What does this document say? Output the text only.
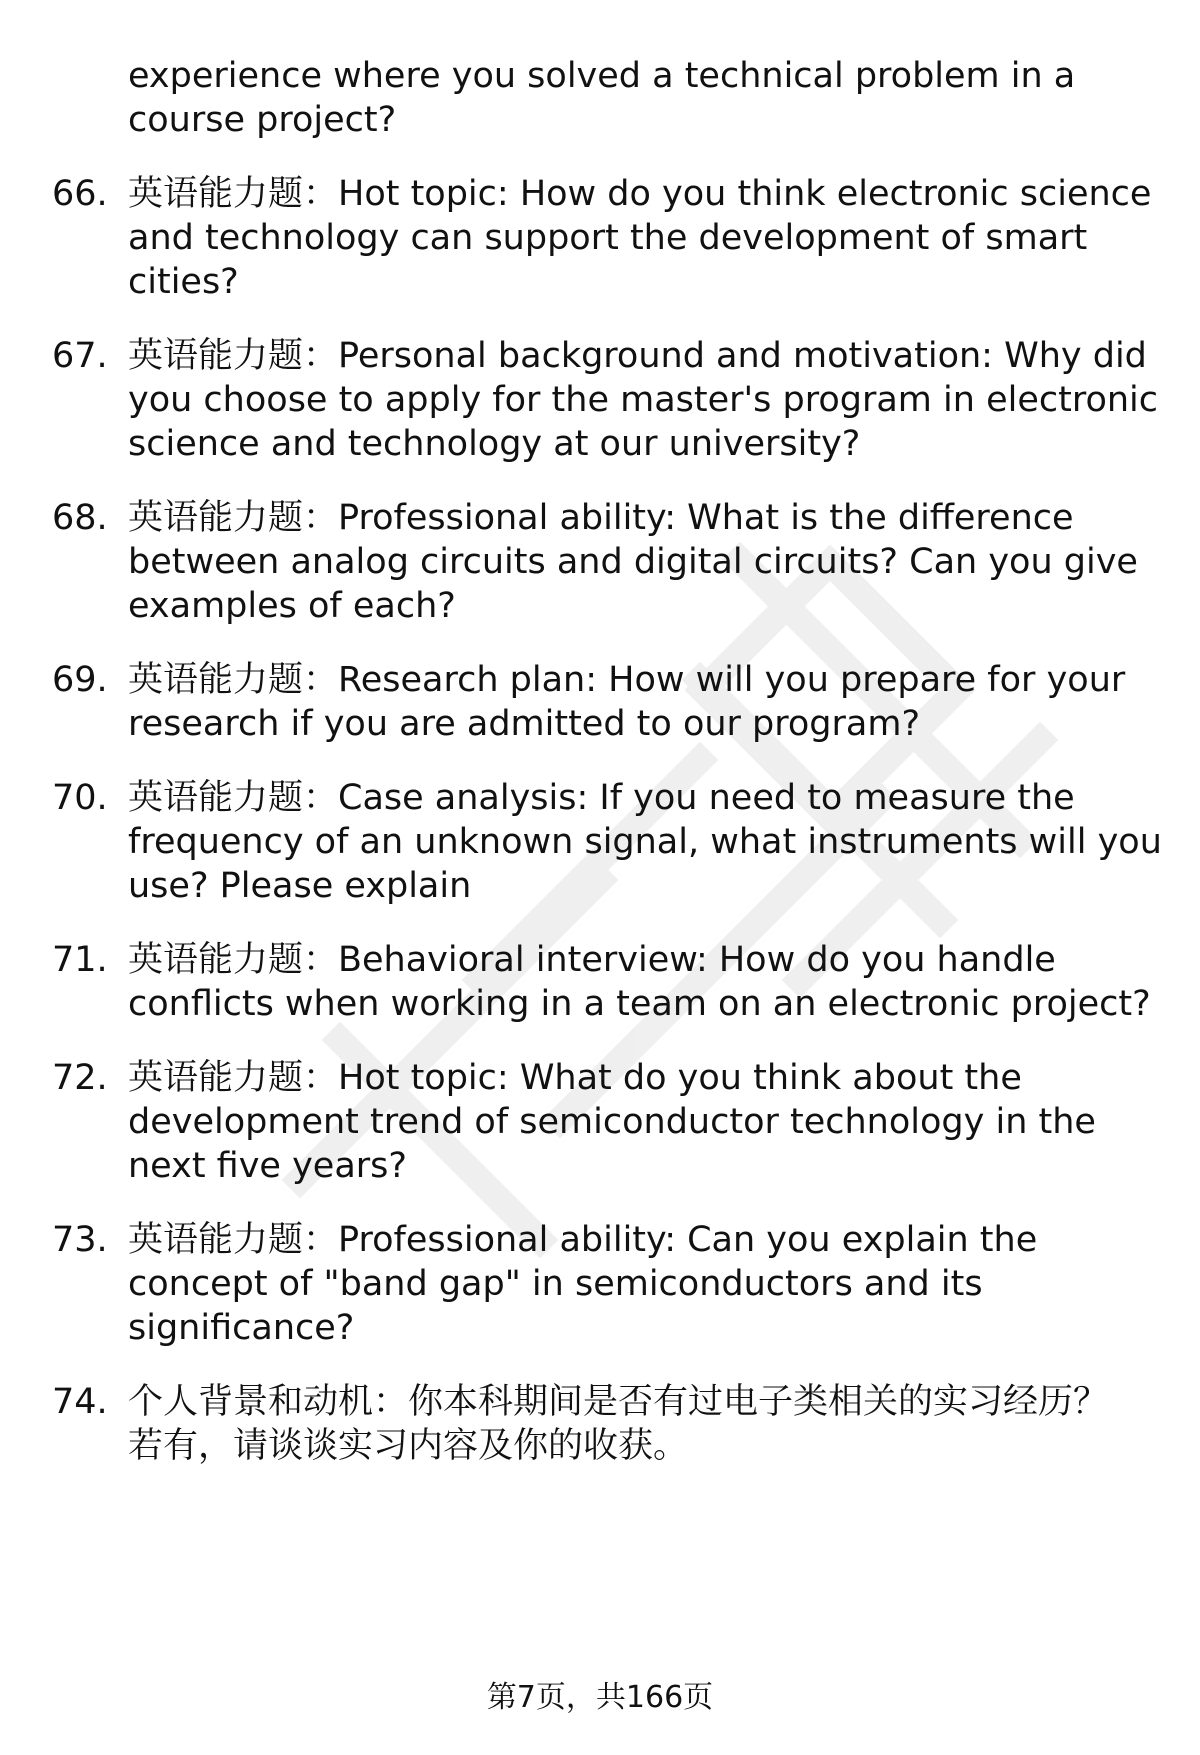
experience where you solved a technical problem in a
course project?
66. 英语能力题：Hot topic: How do you think electronic science
and technology can support the development of smart
cities?
67. 英语能力题：Personal background and motivation: Why did
you choose to apply for the master's program in electronic
science and technology at our university?
68. 英语能力题：Professional ability: What is the difference
between analog circuits and digital circuits? Can you give
examples of each?
69. 英语能力题：Research plan: How will you prepare for your
research if you are admitted to our program?
70. 英语能力题：Case analysis: If you need to measure the
frequency of an unknown signal, what instruments will you
use? Please explain
71. 英语能力题：Behavioral interview: How do you handle
conflicts when working in a team on an electronic project?
72. 英语能力题：Hot topic: What do you think about the
development trend of semiconductor technology in the
next five years?
73. 英语能力题：Professional ability: Can you explain the
concept of "band gap" in semiconductors and its
significance?
74. 个人背景和动机：你本科期间是否有过电子类相关的实习经历？
若有，请谈谈实习内容及你的收获。
第7页，共166页
